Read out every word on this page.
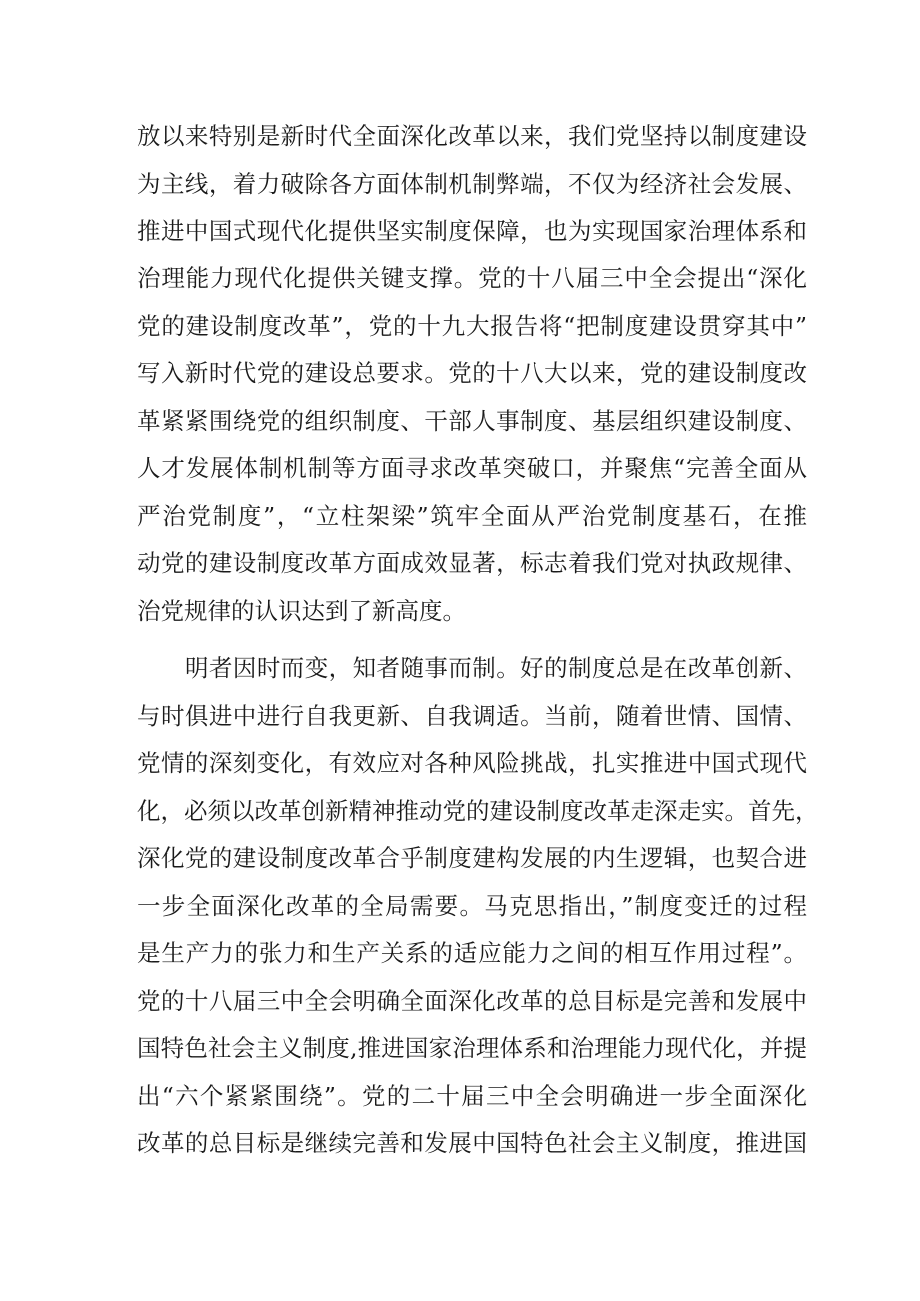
放以来特别是新时代全面深化改革以来，我们党坚持以制度建设
为主线，着力破除各方面体制机制弊端，不仅为经济社会发展、
推进中国式现代化提供坚实制度保障，也为实现国家治理体系和
治理能力现代化提供关键支撑。党的十八届三中全会提出“深化
党的建设制度改革”，党的十九大报告将“把制度建设贯穿其中”
写入新时代党的建设总要求。党的十八大以来，党的建设制度改
革紧紧围绕党的组织制度、干部人事制度、基层组织建设制度、
人才发展体制机制等方面寻求改革突破口，并聚焦“完善全面从
严治党制度”，“立柱架梁”筑牢全面从严治党制度基石，在推
动党的建设制度改革方面成效显著，标志着我们党对执政规律、
治党规律的认识达到了新高度。
明者因时而变，知者随事而制。好的制度总是在改革创新、
与时俱进中进行自我更新、自我调适。当前，随着世情、国情、
党情的深刻变化，有效应对各种风险挑战，扎实推进中国式现代
化，必须以改革创新精神推动党的建设制度改革走深走实。首先，
深化党的建设制度改革合乎制度建构发展的内生逻辑，也契合进
一步全面深化改革的全局需要。马克思指出，”制度变迁的过程
是生产力的张力和生产关系的适应能力之间的相互作用过程”。
党的十八届三中全会明确全面深化改革的总目标是完善和发展中
国特色社会主义制度,推进国家治理体系和治理能力现代化，并提
出“六个紧紧围绕”。党的二十届三中全会明确进一步全面深化
改革的总目标是继续完善和发展中国特色社会主义制度，推进国
